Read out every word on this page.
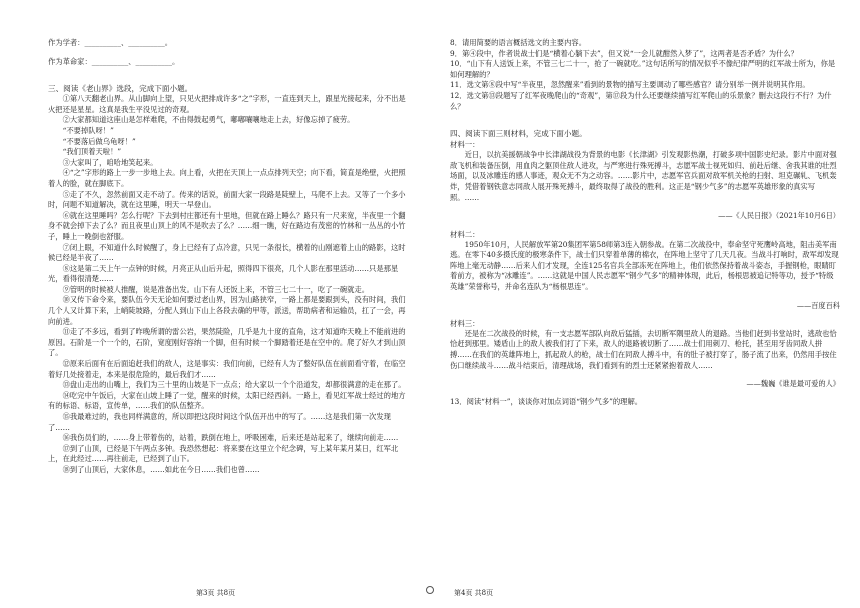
作为学者：__________、__________。

作为革命家：__________、__________。

三、阅读《老山界》选段，完成下面小题。

①第八天翻老山界。从山脚向上望，只见火把排成许多“之”字形，一直连到天上，跟星光接起来，分不出是火把还是星星。这真是我生平没见过的奇观。

②大家都知道这座山是怎样难爬，不由得鼓起勇气，嘟嘟嚷嚷地走上去，好像忘掉了疲劳。

“不要掉队呀！”

“不要落后做乌龟呀！”

“我们顶着天啦！”

③大家叫了，咱哈地笑起来。

④“之”字形的路上一步一步地上去。向上看，火把在天顶上一点点排列天空；向下看，简直是绝壁，火把照着人的脸，就在脚底下。

⑤走了不久，忽然前面又走不动了。传来的话说，前面大家一段路是陡壁上，马爬不上去。又等了一个多小时，问题不知道解决，就在这里睡，明天一早登山。

⑥就在这里睡吗？怎么行呢？下去到村庄都还有十里地，但就在路上睡么？路只有一尺来宽，半夜里一个翻身不就会掉下去了么？而且夜里山顶上的风不是吹去了么？……细一瞧，好在路边有茂密的竹林和一丛丛的小竹子，睡上一晚倒也舒服。

⑦闭上眼，不知道什么时候醒了，身上已经有了点冷意，只见一条很长，横着的山刚遮着上山的路影，这时候已经是半夜了……

⑧这是第二天上午一点钟的时候，月亮正从山后升起，照得四下很亮，几个人影在那里活动……只是那星光，看得很清楚……

⑨管明的时候被人推醒，说是准备出发。山下有人还饭上来，不管三七二十一，吃了一碗就走。

⑩又传下命令来，要队伍今天无论如何要过老山界，因为山路狭窄，一路上都是要跟到头，没有时间，我们几个人又计算下来，上峭陡坡路，分配人到山下山上各段去确的甲等，派送，帮助病者和运输员，扛了一会，再向前进。

⑪走了不多远，看到了昨晚所谓的雷公岩，果然陡险，几乎是九十度的直角，这才知道昨天晚上不能前进的原因。石阶是一个一个的，石阶，宽度刚好容纳一个脚，但有时候一个脚踏着还是在空中的。爬了好久才到山顶了。

⑫原来后面有在后面追赶我们的敌人，这是事实：我们向前，已经有人为了整好队伍在前面看守着，在临空着好几处接着走，本来是很危险的，最后我们才……

⑬盘山走出的山嘴上，我们为三十里的山坡是下一点点；给大家以一个个沿道发，却都很满意的走在那了。

⑭吃完中午饭后，大家在山坡上睡了一觉，醒来的时候，太阳已经西斜。一路上，看见红军战士经过的地方有的标语、标语，宣传单，……我们的队伍整齐。

⑮我最难过的，我也同样满意的，所以即把这段时间这个队伍开出中的写了。……这是我们第一次发现了……

⑯我伤员们的，……身上带着伤的，站着，跌倒在地上，呼吸困难，后来还是站起来了，继续向前走……

⑰到了山顶，已经是下午两点多钟。我恐然想起：将来要在这里立个纪念碑，写上某年某月某日，红军北上，在此经过……再往前走，已经到了山下。

⑱到了山顶后，大家休息，……如此在今日……我们也曾……

8．请用简要的语言概括选文的主要内容。

9．第④段中，作者说战士们是“横着心躺下去”，但又说“一会儿就酣然入梦了”，这两者是否矛盾？为什么？

10．“山下有人送饭上来，不管三七二十一，抢了一碗就吃。”这句话所写的情况似乎不像纪律严明的红军战士所为，你是如何理解的？

11．选文第⑧段中写“半夜里，忽然醒来”看到的景物的描写主要调动了哪些感官？请分别举一例并说明其作用。

12．选文第⑬段题写了红军夜晚爬山的“奇观”，第⑰段为什么还要继续描写红军爬山的乐景象？删去这段行不行？为什么？

四、阅读下面三则材料，完成下面小题。

材料一：

近日，以抗美援朝战争中长津湖战役为背景的电影《长津湖》引发观影热潮，打破多项中国影史纪录。影片中面对强敌飞机和装备压倒，用血肉之躯顶住敌人进攻，与严寒进行殊死搏斗，志愿军战士视死如归、前赴后继、舍我其谁的壮烈场面，以及冰雕连的感人事迹，观众无不为之动容。……影片中，志愿军官兵面对敌军机关枪的扫射、坦克碾轧、飞机轰炸，凭借着钢铁意志同敌人展开殊死搏斗，最终取得了战役的胜利。这正是“钢少气多”的志愿军英雄形象的真实写照。……

——《人民日报》（2021年10月6日）

材料二：

1950年10月，人民解放军第20集团军第58师第3连入朝参战。在第二次战役中，奉命坚守死鹰岭高地，阻击美军南逃。在零下40多摄氏度的极寒条件下，战士们只穿着单薄的棉衣，在阵地上坚守了几天几夜。当战斗打响时，敌军却发现阵地上毫无动静……后来人们才发现，全连125名官兵全部冻死在阵地上，他们依然保持着战斗姿态，手握钢枪，眼睛盯着前方，被称为“冰雕连”。……这就是中国人民志愿军“钢少气多”的精神体现，此后，杨根思被追记特等功，授予“特级英雄”荣誉称号，并命名连队为“杨根思连”。

——百度百科

材料三：

还是在二次战役的时候，有一支志愿军部队向敌后猛插，去切断军隅里敌人的退路。当他们赶到书堂站时，逃敌也恰恰赶到那里。矮盾山上的敌人被我们打了下来，敌人的退路被切断了……战士们用刺刀、枪托，甚至用牙齿同敌人拼搏……在我们的英雄阵地上，抓起敌人的枪，战士们在同敌人搏斗中，有的肚子被打穿了，肠子流了出来，仍然用手按住伤口继续战斗……战斗结束后，清理战场，我们看到有的烈士还紧紧抱着敌人……

——魏巍《谁是最可爱的人》

13．阅读“材料一”，谈谈你对加点词语“钢少气多”的理解。

第3页 共8页	第4页 共8页
